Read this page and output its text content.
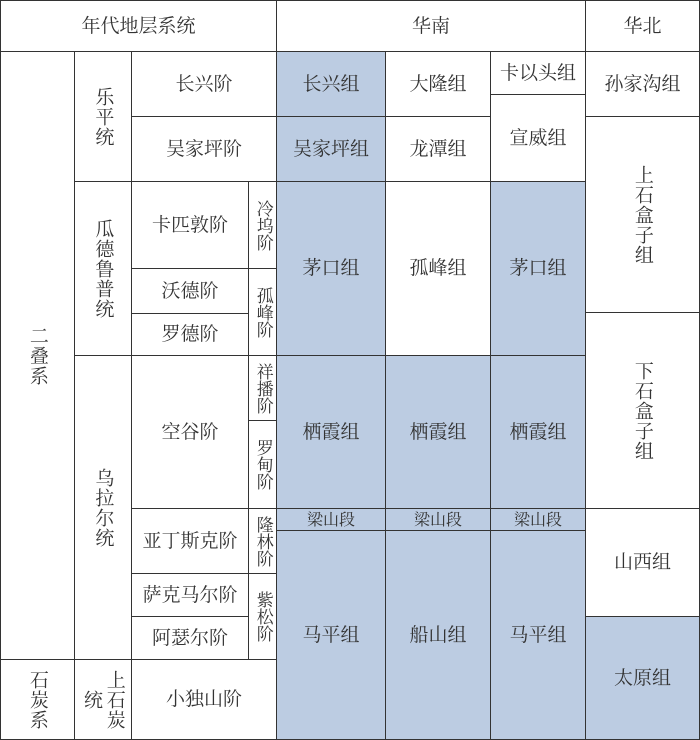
年代地层系统	华南	华北
二叠系
石炭系
乐平统
瓜德鲁普统
乌拉尔统
上石炭统
长兴阶
吴家坪阶
卡匹敦阶
沃德阶
罗德阶
空谷阶
亚丁斯克阶
萨克马尔阶
阿瑟尔阶
小独山阶
冷坞阶
孤峰阶
祥播阶
罗甸阶
隆林阶
紫松阶
长兴组
吴家坪组
茅口组
栖霞组
梁山段
马平组
大隆组
龙潭组
孤峰组
栖霞组
梁山段
船山组
卡以头组
宣威组
茅口组
栖霞组
梁山段
马平组
孙家沟组
上石盒子组
下石盒子组
山西组
太原组
